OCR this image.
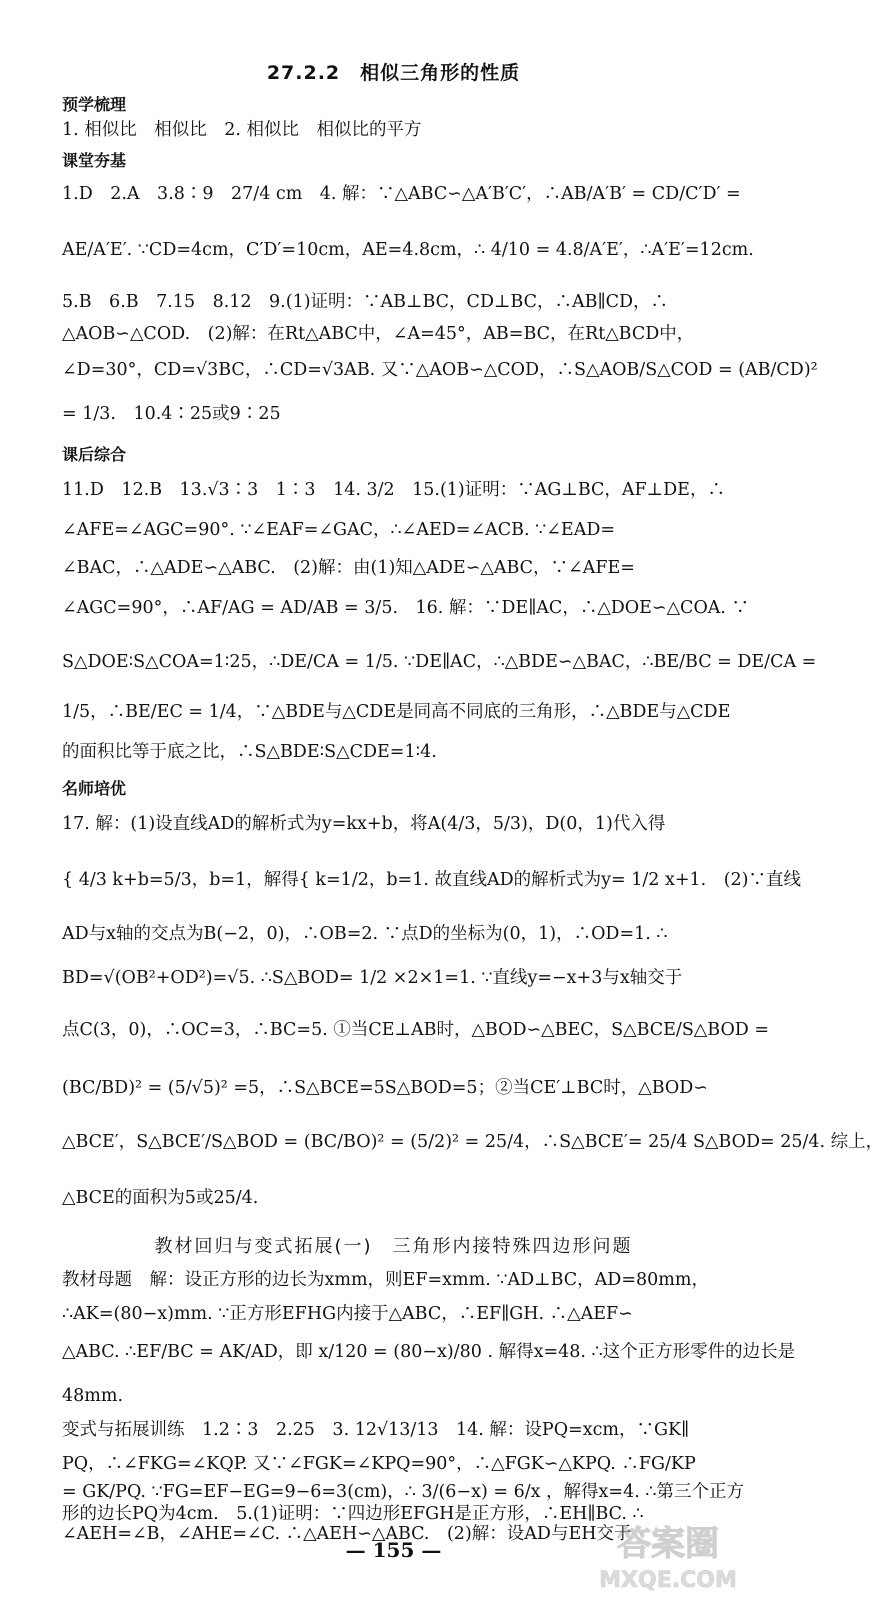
27.2.2　相似三角形的性质
预学梳理
1. 相似比　相似比　2. 相似比　相似比的平方
课堂夯基
1.D　2.A　3.8∶9　27/4 cm　4. 解：∵△ABC∽△A′B′C′，∴AB/A′B′ = CD/C′D′ =
AE/A′E′. ∵CD=4cm，C′D′=10cm，AE=4.8cm，∴ 4/10 = 4.8/A′E′，∴A′E′=12cm.
5.B　6.B　7.15　8.12　9.(1)证明：∵AB⊥BC，CD⊥BC，∴AB∥CD，∴
△AOB∽△COD.　(2)解：在Rt△ABC中，∠A=45°，AB=BC，在Rt△BCD中，
∠D=30°，CD=√3BC，∴CD=√3AB. 又∵△AOB∽△COD，∴S△AOB/S△COD = (AB/CD)²
= 1/3.　10.4∶25或9∶25
课后综合
11.D　12.B　13.√3∶3　1∶3　14. 3/2　15.(1)证明：∵AG⊥BC，AF⊥DE，∴
∠AFE=∠AGC=90°. ∵∠EAF=∠GAC，∴∠AED=∠ACB. ∵∠EAD=
∠BAC，∴△ADE∽△ABC.　(2)解：由(1)知△ADE∽△ABC，∵∠AFE=
∠AGC=90°，∴AF/AG = AD/AB = 3/5.　16. 解：∵DE∥AC，∴△DOE∽△COA. ∵
S△DOE∶S△COA=1∶25，∴DE/CA = 1/5. ∵DE∥AC，∴△BDE∽△BAC，∴BE/BC = DE/CA =
1/5，∴BE/EC = 1/4，∵△BDE与△CDE是同高不同底的三角形，∴△BDE与△CDE
的面积比等于底之比，∴S△BDE∶S△CDE=1∶4.
名师培优
17. 解：(1)设直线AD的解析式为y=kx+b，将A(4/3，5/3)，D(0，1)代入得
{ 4/3 k+b=5/3，b=1，解得{ k=1/2，b=1. 故直线AD的解析式为y= 1/2 x+1.　(2)∵直线
AD与x轴的交点为B(−2，0)，∴OB=2. ∵点D的坐标为(0，1)，∴OD=1. ∴
BD=√(OB²+OD²)=√5. ∴S△BOD= 1/2 ×2×1=1. ∵直线y=−x+3与x轴交于
点C(3，0)，∴OC=3，∴BC=5. ①当CE⊥AB时，△BOD∽△BEC，S△BCE/S△BOD =
(BC/BD)² = (5/√5)² =5，∴S△BCE=5S△BOD=5；②当CE′⊥BC时，△BOD∽
△BCE′，S△BCE′/S△BOD = (BC/BO)² = (5/2)² = 25/4，∴S△BCE′= 25/4 S△BOD= 25/4. 综上，
△BCE的面积为5或25/4.
教材回归与变式拓展(一)　三角形内接特殊四边形问题
教材母题　解：设正方形的边长为xmm，则EF=xmm. ∵AD⊥BC，AD=80mm，
∴AK=(80−x)mm. ∵正方形EFHG内接于△ABC，∴EF∥GH. ∴△AEF∽
△ABC. ∴EF/BC = AK/AD，即 x/120 = (80−x)/80 . 解得x=48. ∴这个正方形零件的边长是
48mm.
变式与拓展训练　1.2∶3　2.25　3. 12√13/13　14. 解：设PQ=xcm，∵GK∥
PQ，∴∠FKG=∠KQP. 又∵∠FGK=∠KPQ=90°，∴△FGK∽△KPQ. ∴FG/KP
= GK/PQ. ∵FG=EF−EG=9−6=3(cm)，∴ 3/(6−x) = 6/x ，解得x=4. ∴第三个正方
形的边长PQ为4cm.　5.(1)证明：∵四边形EFGH是正方形，∴EH∥BC. ∴
∠AEH=∠B，∠AHE=∠C. ∴△AEH∽△ABC.　(2)解：设AD与EH交于
— 155 —	答案圈
MXQE.COM
